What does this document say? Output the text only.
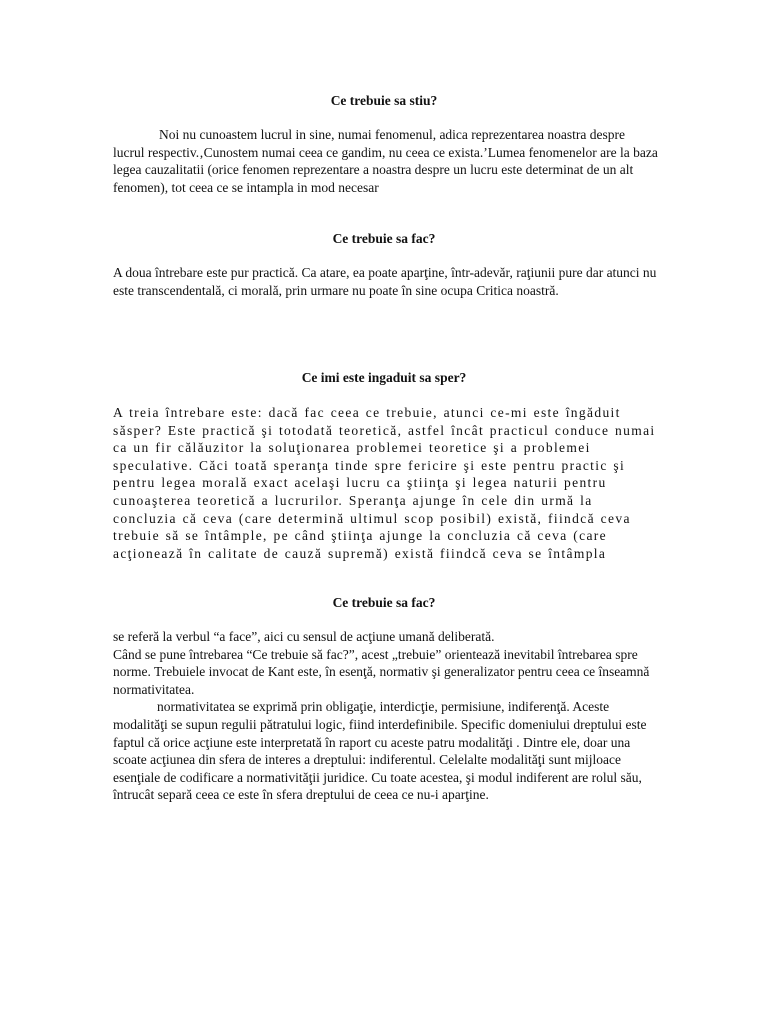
Ce trebuie sa stiu?

Noi nu cunoastem lucrul in sine, numai fenomenul, adica reprezentarea noastra despre lucrul respectiv.‚Cunostem numai ceea ce gandim, nu ceea ce exista.’Lumea fenomenelor are la baza legea cauzalitatii (orice fenomen reprezentare a noastra despre un lucru este determinat de un alt fenomen), tot ceea ce se intampla in mod necesar

Ce trebuie sa fac?

A doua întrebare este pur practică. Ca atare, ea poate aparţine, într-adevăr, raţiunii pure dar atunci nu este transcendentală, ci morală, prin urmare nu poate în sine ocupa Critica noastră.

Ce imi este ingaduit sa sper?

A treia întrebare este: dacă fac ceea ce trebuie, atunci ce-mi este îngăduit săsper? Este practică şi totodată teoretică, astfel încât practicul conduce numai ca un fir călăuzitor la soluţionarea problemei teoretice şi a problemei speculative. Căci toată speranţa tinde spre fericire şi este pentru practic şi pentru legea morală exact acelaşi lucru ca ştiinţa şi legea naturii pentru cunoaşterea teoretică a lucrurilor. Speranţa ajunge în cele din urmă la concluzia că ceva (care determină ultimul scop posibil) există, fiindcă ceva trebuie să se întâmple, pe când ştiinţa ajunge la concluzia că ceva (care acţionează în calitate de cauză supremă) există fiindcă ceva se întâmpla

Ce trebuie sa fac?

se referă la verbul “a face”, aici cu sensul de acţiune umană deliberată.

Când se pune întrebarea “Ce trebuie să fac?”, acest „trebuie” orientează inevitabil întrebarea spre norme. Trebuiele invocat de Kant este, în esenţă, normativ şi generalizator pentru ceea ce înseamnă normativitatea.

normativitatea se exprimă prin obligaţie, interdicţie, permisiune, indiferenţă. Aceste modalităţi se supun regulii pătratului logic, fiind interdefinibile. Specific domeniului dreptului este faptul că orice acţiune este interpretată în raport cu aceste patru modalităţi . Dintre ele, doar una scoate acţiunea din sfera de interes a dreptului: indiferentul. Celelalte modalităţi sunt mijloace esenţiale de codificare a normativităţii juridice. Cu toate acestea, şi modul indiferent are rolul său, întrucât separă ceea ce este în sfera dreptului de ceea ce nu-i aparţine.
